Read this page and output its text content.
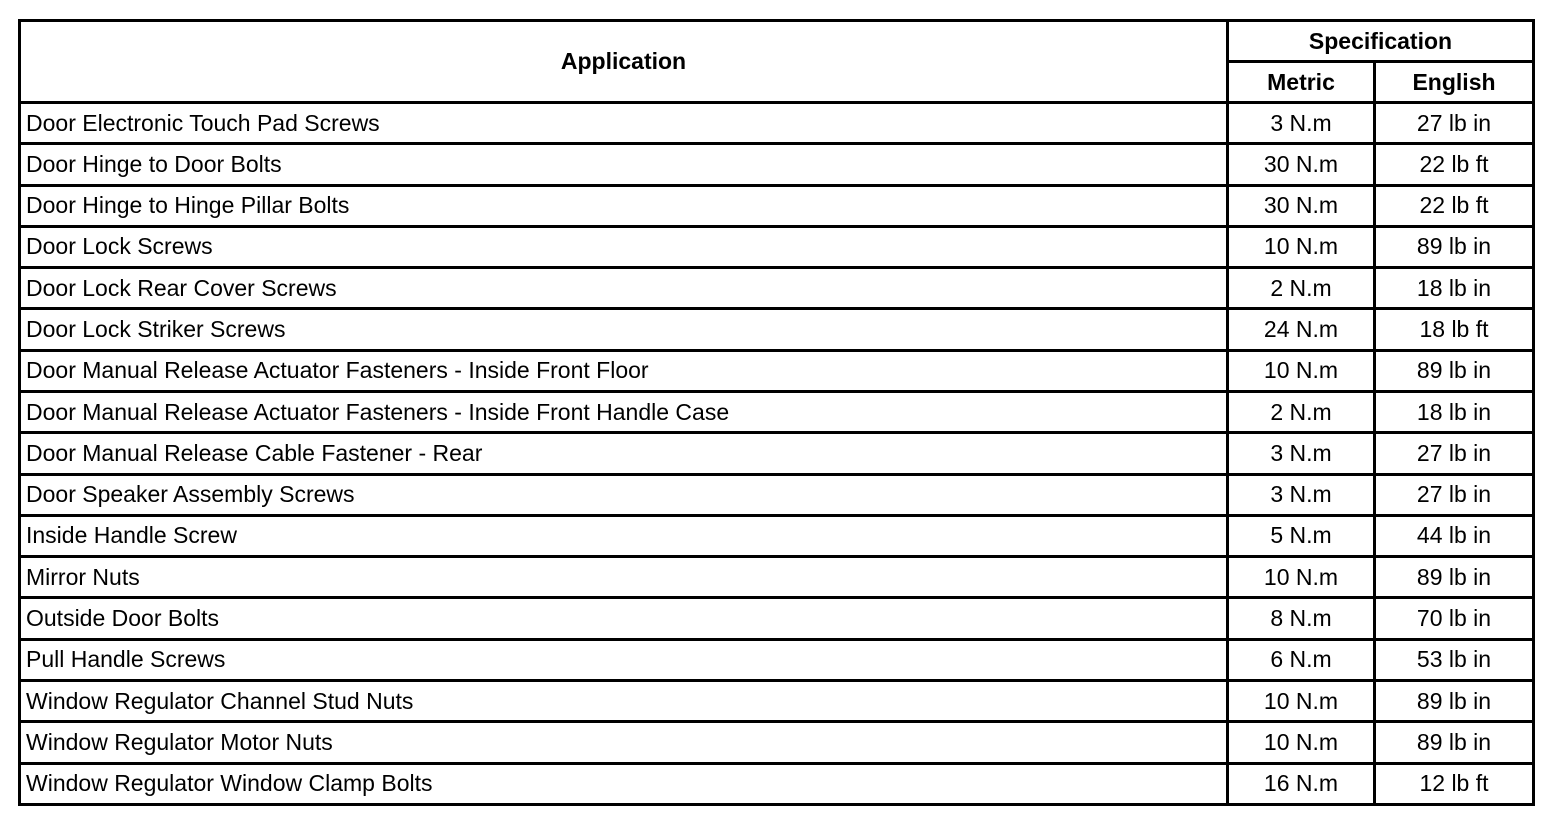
Application	Specification	
	Metric	English
Door Electronic Touch Pad Screws	3 N.m	27 lb in
Door Hinge to Door Bolts	30 N.m	22 lb ft
Door Hinge to Hinge Pillar Bolts	30 N.m	22 lb ft
Door Lock Screws	10 N.m	89 lb in
Door Lock Rear Cover Screws	2 N.m	18 lb in
Door Lock Striker Screws	24 N.m	18 lb ft
Door Manual Release Actuator Fasteners - Inside Front Floor	10 N.m	89 lb in
Door Manual Release Actuator Fasteners - Inside Front Handle Case	2 N.m	18 lb in
Door Manual Release Cable Fastener - Rear	3 N.m	27 lb in
Door Speaker Assembly Screws	3 N.m	27 lb in
Inside Handle Screw	5 N.m	44 lb in
Mirror Nuts	10 N.m	89 lb in
Outside Door Bolts	8 N.m	70 lb in
Pull Handle Screws	6 N.m	53 lb in
Window Regulator Channel Stud Nuts	10 N.m	89 lb in
Window Regulator Motor Nuts	10 N.m	89 lb in
Window Regulator Window Clamp Bolts	16 N.m	12 lb ft
